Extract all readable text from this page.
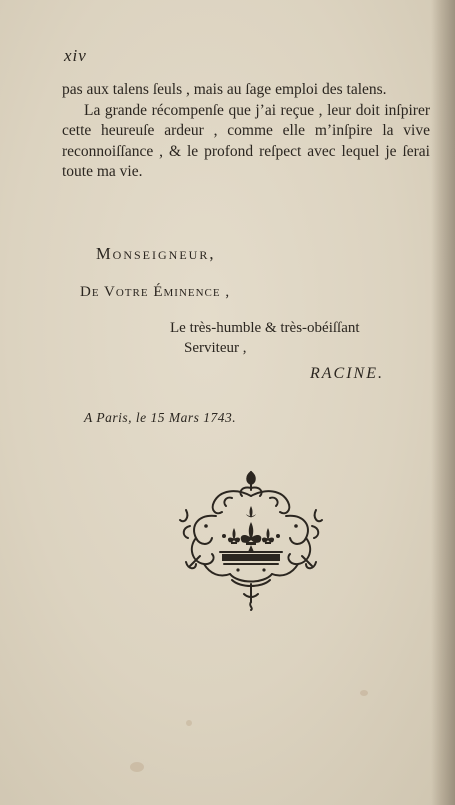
xiv

pas aux talens ſeuls , mais au ſage emploi des talens.

La grande récompenſe que j’ai reçue , leur doit inſpirer cette heureuſe ardeur , comme elle m’inſpire la vive reconnoiſſance , & le profond reſpect avec lequel je ſerai toute ma vie.

Monseigneur,
De Votre Éminence ,
Le très-humble & très-obéiſſant
Serviteur ,
RACINE.
A Paris, le 15 Mars 1743.
